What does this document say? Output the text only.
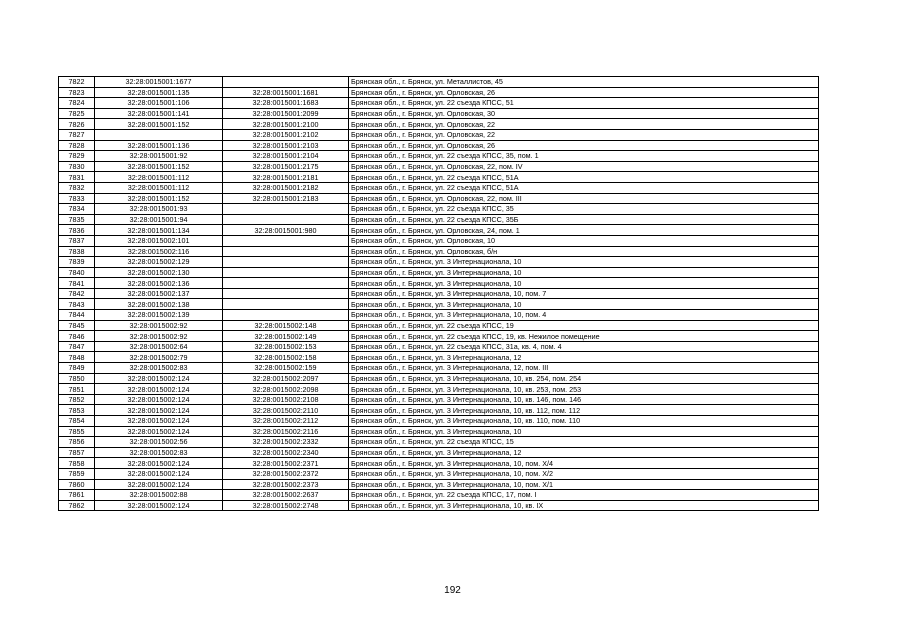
7822	32:28:0015001:1677		Брянская обл., г. Брянск, ул. Металлистов, 45
7823	32:28:0015001:135	32:28:0015001:1681	Брянская обл., г. Брянск, ул. Орловская, 26
7824	32:28:0015001:106	32:28:0015001:1683	Брянская обл., г. Брянск, ул. 22 съезда КПСС, 51
7825	32:28:0015001:141	32:28:0015001:2099	Брянская обл., г. Брянск, ул. Орловская, 30
7826	32:28:0015001:152	32:28:0015001:2100	Брянская обл., г. Брянск, ул. Орловская, 22
7827		32:28:0015001:2102	Брянская обл., г. Брянск, ул. Орловская, 22
7828	32:28:0015001:136	32:28:0015001:2103	Брянская обл., г. Брянск, ул. Орловская, 26
7829	32:28:0015001:92	32:28:0015001:2104	Брянская обл., г. Брянск, ул. 22 съезда КПСС, 35, пом. 1
7830	32:28:0015001:152	32:28:0015001:2175	Брянская обл., г. Брянск, ул. Орловская, 22, пом. IV
7831	32:28:0015001:112	32:28:0015001:2181	Брянская обл., г. Брянск, ул. 22 съезда КПСС, 51А
7832	32:28:0015001:112	32:28:0015001:2182	Брянская обл., г. Брянск, ул. 22 съезда КПСС, 51А
7833	32:28:0015001:152	32:28:0015001:2183	Брянская обл., г. Брянск, ул. Орловская, 22, пом. III
7834	32:28:0015001:93		Брянская обл., г. Брянск, ул. 22 съезда КПСС, 35
7835	32:28:0015001:94		Брянская обл., г. Брянск, ул. 22 съезда КПСС, 35Б
7836	32:28:0015001:134	32:28:0015001:980	Брянская обл., г. Брянск, ул. Орловская, 24, пом. 1
7837	32:28:0015002:101		Брянская обл., г. Брянск, ул. Орловская, 10
7838	32:28:0015002:116		Брянская обл., г. Брянск, ул. Орловская, б/н
7839	32:28:0015002:129		Брянская обл., г. Брянск, ул. 3 Интернационала, 10
7840	32:28:0015002:130		Брянская обл., г. Брянск, ул. 3 Интернационала, 10
7841	32:28:0015002:136		Брянская обл., г. Брянск, ул. 3 Интернационала, 10
7842	32:28:0015002:137		Брянская обл., г. Брянск, ул. 3 Интернационала, 10, пом. 7
7843	32:28:0015002:138		Брянская обл., г. Брянск, ул. 3 Интернационала, 10
7844	32:28:0015002:139		Брянская обл., г. Брянск, ул. 3 Интернационала, 10, пом. 4
7845	32:28:0015002:92	32:28:0015002:148	Брянская обл., г. Брянск, ул. 22 съезда КПСС, 19
7846	32:28:0015002:92	32:28:0015002:149	Брянская обл., г. Брянск, ул. 22 съезда КПСС, 19, кв. Нежилое помещение
7847	32:28:0015002:64	32:28:0015002:153	Брянская обл., г. Брянск, ул. 22 съезда КПСС, 31а, кв. 4, пом. 4
7848	32:28:0015002:79	32:28:0015002:158	Брянская обл., г. Брянск, ул. 3 Интернационала, 12
7849	32:28:0015002:83	32:28:0015002:159	Брянская обл., г. Брянск, ул. 3 Интернационала, 12, пом. III
7850	32:28:0015002:124	32:28:0015002:2097	Брянская обл., г. Брянск, ул. 3 Интернационала, 10, кв. 254, пом. 254
7851	32:28:0015002:124	32:28:0015002:2098	Брянская обл., г. Брянск, ул. 3 Интернационала, 10, кв. 253, пом. 253
7852	32:28:0015002:124	32:28:0015002:2108	Брянская обл., г. Брянск, ул. 3 Интернационала, 10, кв. 146, пом. 146
7853	32:28:0015002:124	32:28:0015002:2110	Брянская обл., г. Брянск, ул. 3 Интернационала, 10, кв. 112, пом. 112
7854	32:28:0015002:124	32:28:0015002:2112	Брянская обл., г. Брянск, ул. 3 Интернационала, 10, кв. 110, пом. 110
7855	32:28:0015002:124	32:28:0015002:2116	Брянская обл., г. Брянск, ул. 3 Интернационала, 10
7856	32:28:0015002:56	32:28:0015002:2332	Брянская обл., г. Брянск, ул. 22 съезда КПСС, 15
7857	32:28:0015002:83	32:28:0015002:2340	Брянская обл., г. Брянск, ул. 3 Интернационала, 12
7858	32:28:0015002:124	32:28:0015002:2371	Брянская обл., г. Брянск, ул. 3 Интернационала, 10, пом. X/4
7859	32:28:0015002:124	32:28:0015002:2372	Брянская обл., г. Брянск, ул. 3 Интернационала, 10, пом. X/2
7860	32:28:0015002:124	32:28:0015002:2373	Брянская обл., г. Брянск, ул. 3 Интернационала, 10, пом. X/1
7861	32:28:0015002:88	32:28:0015002:2637	Брянская обл., г. Брянск, ул. 22 съезда КПСС, 17, пом. I
7862	32:28:0015002:124	32:28:0015002:2748	Брянская обл., г. Брянск, ул. 3 Интернационала, 10, кв. IX
192
